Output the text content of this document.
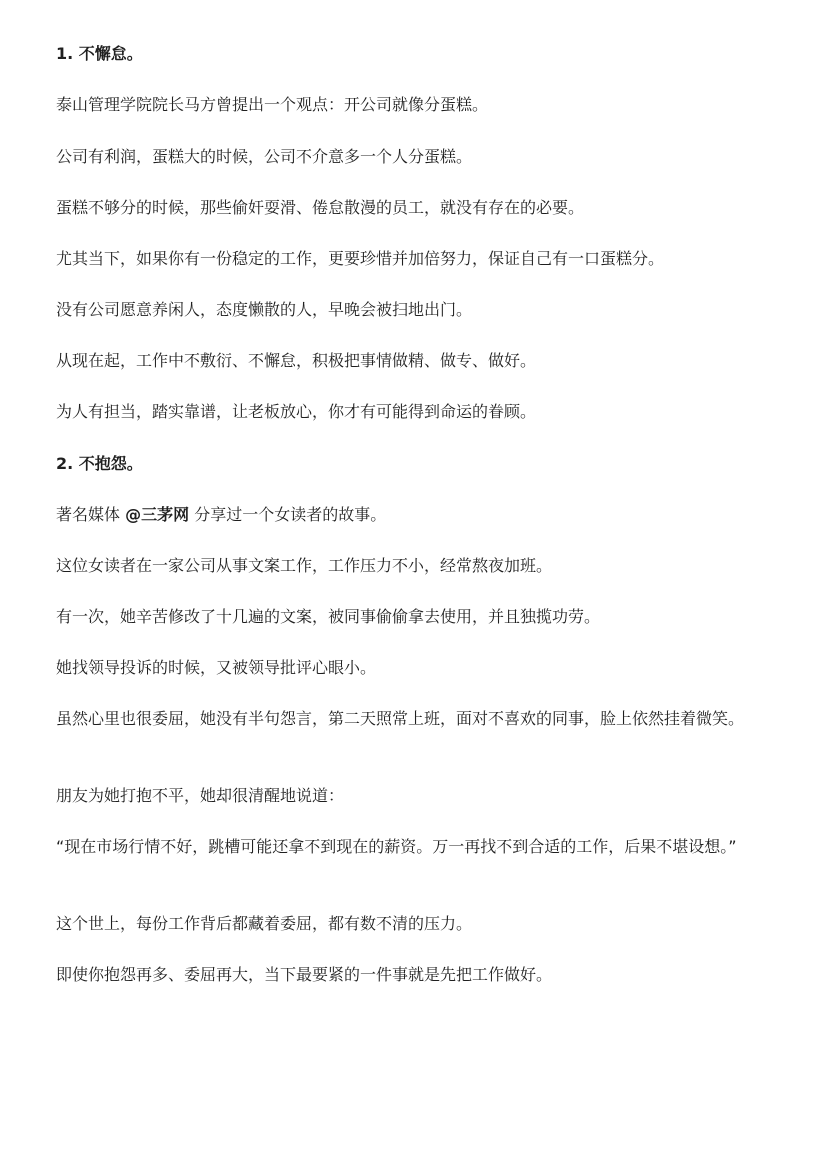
1. 不懈怠。
泰山管理学院院长马方曾提出一个观点：开公司就像分蛋糕。
公司有利润，蛋糕大的时候，公司不介意多一个人分蛋糕。
蛋糕不够分的时候，那些偷奸耍滑、倦怠散漫的员工，就没有存在的必要。
尤其当下，如果你有一份稳定的工作，更要珍惜并加倍努力，保证自己有一口蛋糕分。
没有公司愿意养闲人，态度懒散的人，早晚会被扫地出门。
从现在起，工作中不敷衍、不懈怠，积极把事情做精、做专、做好。
为人有担当，踏实靠谱，让老板放心，你才有可能得到命运的眷顾。
2. 不抱怨。
著名媒体 @三茅网 分享过一个女读者的故事。
这位女读者在一家公司从事文案工作，工作压力不小，经常熬夜加班。
有一次，她辛苦修改了十几遍的文案，被同事偷偷拿去使用，并且独揽功劳。
她找领导投诉的时候，又被领导批评心眼小。
虽然心里也很委屈，她没有半句怨言，第二天照常上班，面对不喜欢的同事，脸上依然挂着微笑。
朋友为她打抱不平，她却很清醒地说道：
“现在市场行情不好，跳槽可能还拿不到现在的薪资。万一再找不到合适的工作，后果不堪设想。”
这个世上，每份工作背后都藏着委屈，都有数不清的压力。
即使你抱怨再多、委屈再大，当下最要紧的一件事就是先把工作做好。
